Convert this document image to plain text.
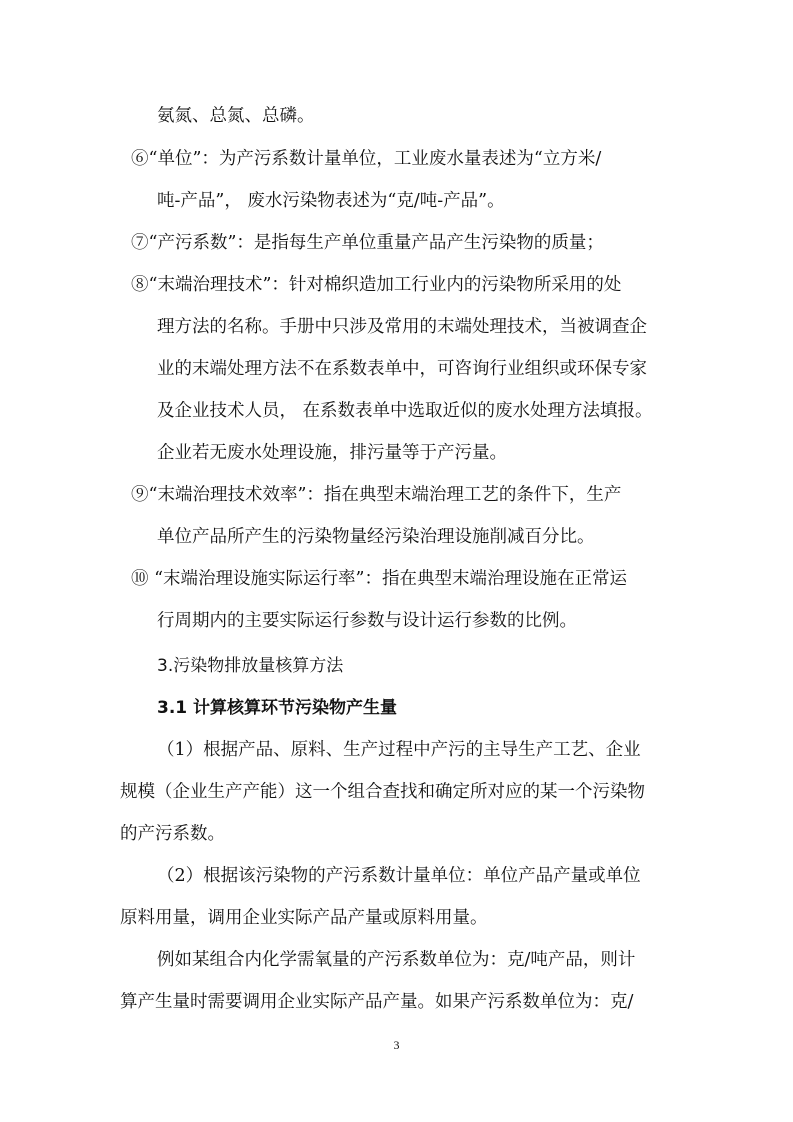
氨氮、总氮、总磷。
⑥“单位”：为产污系数计量单位，工业废水量表述为“立方米/
吨-产品”， 废水污染物表述为“克/吨-产品”。
⑦“产污系数”：是指每生产单位重量产品产生污染物的质量；
⑧“末端治理技术”：针对棉织造加工行业内的污染物所采用的处
理方法的名称。手册中只涉及常用的末端处理技术，当被调查企
业的末端处理方法不在系数表单中，可咨询行业组织或环保专家
及企业技术人员， 在系数表单中选取近似的废水处理方法填报。
企业若无废水处理设施，排污量等于产污量。
⑨“末端治理技术效率”：指在典型末端治理工艺的条件下，生产
单位产品所产生的污染物量经污染治理设施削减百分比。
⑩ “末端治理设施实际运行率”：指在典型末端治理设施在正常运
行周期内的主要实际运行参数与设计运行参数的比例。
3.污染物排放量核算方法
3.1 计算核算环节污染物产生量
（1）根据产品、原料、生产过程中产污的主导生产工艺、企业
规模（企业生产产能）这一个组合查找和确定所对应的某一个污染物
的产污系数。
（2）根据该污染物的产污系数计量单位：单位产品产量或单位
原料用量，调用企业实际产品产量或原料用量。
例如某组合内化学需氧量的产污系数单位为：克/吨产品，则计
算产生量时需要调用企业实际产品产量。如果产污系数单位为：克/
3
